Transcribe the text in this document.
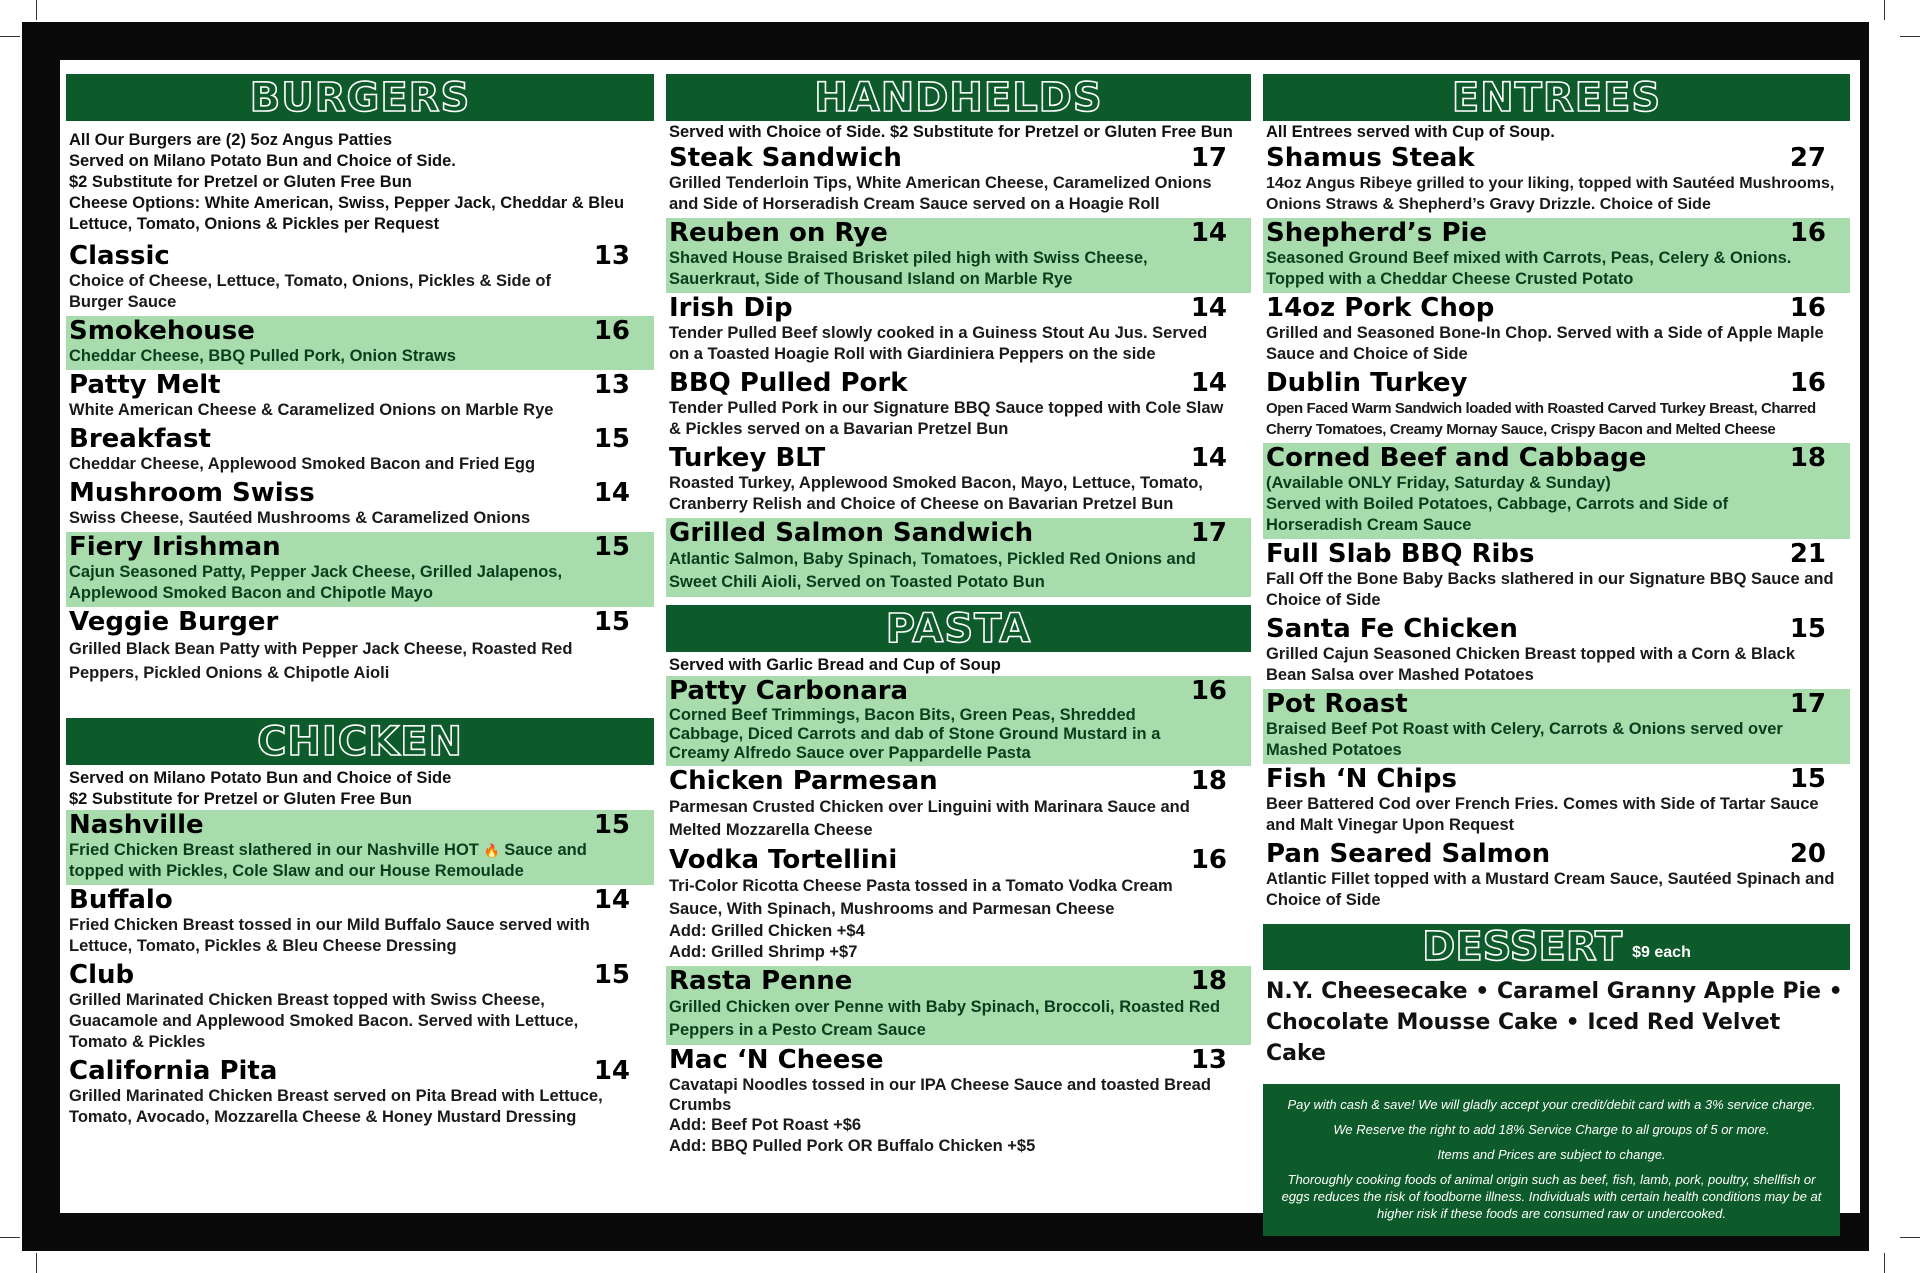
BURGERS
All Our Burgers are (2) 5oz Angus Patties
Served on Milano Potato Bun and Choice of Side.
$2 Substitute for Pretzel or Gluten Free Bun
Cheese Options: White American, Swiss, Pepper Jack, Cheddar & Bleu
Lettuce, Tomato, Onions & Pickles per Request
Classic	13
Choice of Cheese, Lettuce, Tomato, Onions, Pickles & Side of Burger Sauce
Smokehouse	16
Cheddar Cheese, BBQ Pulled Pork, Onion Straws
Patty Melt	13
White American Cheese & Caramelized Onions on Marble Rye
Breakfast	15
Cheddar Cheese, Applewood Smoked Bacon and Fried Egg
Mushroom Swiss	14
Swiss Cheese, Sautéed Mushrooms & Caramelized Onions
Fiery Irishman	15
Cajun Seasoned Patty, Pepper Jack Cheese, Grilled Jalapenos, Applewood Smoked Bacon and Chipotle Mayo
Veggie Burger	15
Grilled Black Bean Patty with Pepper Jack Cheese, Roasted Red Peppers, Pickled Onions & Chipotle Aioli
CHICKEN
Served on Milano Potato Bun and Choice of Side
$2 Substitute for Pretzel or Gluten Free Bun
Nashville	15
Fried Chicken Breast slathered in our Nashville HOT 🔥 Sauce and topped with Pickles, Cole Slaw and our House Remoulade
Buffalo	14
Fried Chicken Breast tossed in our Mild Buffalo Sauce served with Lettuce, Tomato, Pickles & Bleu Cheese Dressing
Club	15
Grilled Marinated Chicken Breast topped with Swiss Cheese, Guacamole and Applewood Smoked Bacon. Served with Lettuce, Tomato & Pickles
California Pita	14
Grilled Marinated Chicken Breast served on Pita Bread with Lettuce, Tomato, Avocado, Mozzarella Cheese & Honey Mustard Dressing
HANDHELDS
Served with Choice of Side. $2 Substitute for Pretzel or Gluten Free Bun
Steak Sandwich	17
Grilled Tenderloin Tips, White American Cheese, Caramelized Onions and Side of Horseradish Cream Sauce served on a Hoagie Roll
Reuben on Rye	14
Shaved House Braised Brisket piled high with Swiss Cheese, Sauerkraut, Side of Thousand Island on Marble Rye
Irish Dip	14
Tender Pulled Beef slowly cooked in a Guiness Stout Au Jus. Served on a Toasted Hoagie Roll with Giardiniera Peppers on the side
BBQ Pulled Pork	14
Tender Pulled Pork in our Signature BBQ Sauce topped with Cole Slaw & Pickles served on a Bavarian Pretzel Bun
Turkey BLT	14
Roasted Turkey, Applewood Smoked Bacon, Mayo, Lettuce, Tomato, Cranberry Relish and Choice of Cheese on Bavarian Pretzel Bun
Grilled Salmon Sandwich	17
Atlantic Salmon, Baby Spinach, Tomatoes, Pickled Red Onions and Sweet Chili Aioli, Served on Toasted Potato Bun
PASTA
Served with Garlic Bread and Cup of Soup
Patty Carbonara	16
Corned Beef Trimmings, Bacon Bits, Green Peas, Shredded Cabbage, Diced Carrots and dab of Stone Ground Mustard in a Creamy Alfredo Sauce over Pappardelle Pasta
Chicken Parmesan	18
Parmesan Crusted Chicken over Linguini with Marinara Sauce and Melted Mozzarella Cheese
Vodka Tortellini	16
Tri-Color Ricotta Cheese Pasta tossed in a Tomato Vodka Cream Sauce, With Spinach, Mushrooms and Parmesan Cheese
Add: Grilled Chicken +$4
Add: Grilled Shrimp +$7
Rasta Penne	18
Grilled Chicken over Penne with Baby Spinach, Broccoli, Roasted Red Peppers in a Pesto Cream Sauce
Mac ‘N Cheese	13
Cavatapi Noodles tossed in our IPA Cheese Sauce and toasted Bread Crumbs
Add: Beef Pot Roast +$6
Add: BBQ Pulled Pork OR Buffalo Chicken +$5
ENTREES
All Entrees served with Cup of Soup.
Shamus Steak	27
14oz Angus Ribeye grilled to your liking, topped with Sautéed Mushrooms, Onions Straws & Shepherd’s Gravy Drizzle. Choice of Side
Shepherd’s Pie	16
Seasoned Ground Beef mixed with Carrots, Peas, Celery & Onions. Topped with a Cheddar Cheese Crusted Potato
14oz Pork Chop	16
Grilled and Seasoned Bone-In Chop. Served with a Side of Apple Maple Sauce and Choice of Side
Dublin Turkey	16
Open Faced Warm Sandwich loaded with Roasted Carved Turkey Breast, Charred Cherry Tomatoes, Creamy Mornay Sauce, Crispy Bacon and Melted Cheese
Corned Beef and Cabbage	18
(Available ONLY Friday, Saturday & Sunday)
Served with Boiled Potatoes, Cabbage, Carrots and Side of Horseradish Cream Sauce
Full Slab BBQ Ribs	21
Fall Off the Bone Baby Backs slathered in our Signature BBQ Sauce and Choice of Side
Santa Fe Chicken	15
Grilled Cajun Seasoned Chicken Breast topped with a Corn & Black Bean Salsa over Mashed Potatoes
Pot Roast	17
Braised Beef Pot Roast with Celery, Carrots & Onions served over Mashed Potatoes
Fish ‘N Chips	15
Beer Battered Cod over French Fries. Comes with Side of Tartar Sauce and Malt Vinegar Upon Request
Pan Seared Salmon	20
Atlantic Fillet topped with a Mustard Cream Sauce, Sautéed Spinach and Choice of Side
DESSERT $9 each
N.Y. Cheesecake • Caramel Granny Apple Pie •
Chocolate Mousse Cake • Iced Red Velvet Cake

Pay with cash & save! We will gladly accept your credit/debit card with a 3% service charge.

We Reserve the right to add 18% Service Charge to all groups of 5 or more.

Items and Prices are subject to change.

Thoroughly cooking foods of animal origin such as beef, fish, lamb, pork, poultry, shellfish or eggs reduces the risk of foodborne illness. Individuals with certain health conditions may be at higher risk if these foods are consumed raw or undercooked.
